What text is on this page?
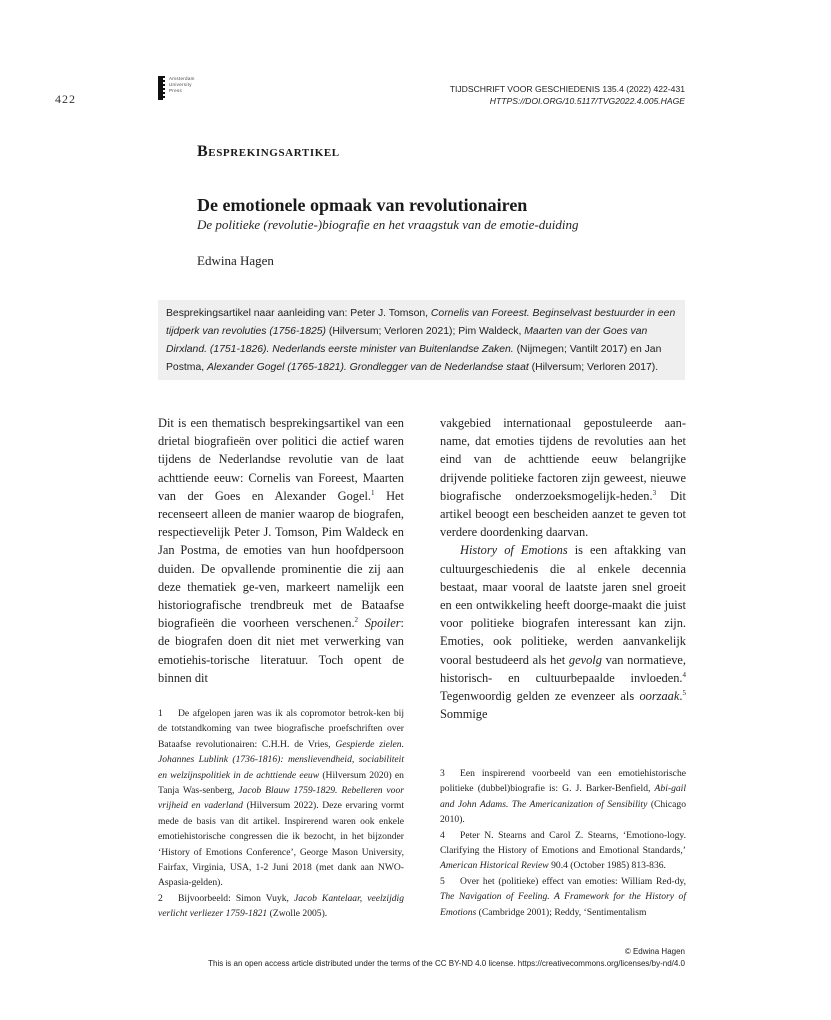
422
Amsterdam
University
Press	TIJDSCHRIFT VOOR GESCHIEDENIS 135.4 (2022) 422-431
HTTPS://DOI.ORG/10.5117/TVG2022.4.005.HAGE
Besprekingsartikel
De emotionele opmaak van revolutionairen
De politieke (revolutie-)biografie en het vraagstuk van de emotie-duiding
Edwina Hagen
Besprekingsartikel naar aanleiding van: Peter J. Tomson, Cornelis van Foreest. Beginselvast bestuurder in een tijdperk van revoluties (1756-1825) (Hilversum; Verloren 2021); Pim Waldeck, Maarten van der Goes van Dirxland. (1751-1826). Nederlands eerste minister van Buitenlandse Zaken. (Nijmegen; Vantilt 2017) en Jan Postma, Alexander Gogel (1765-1821). Grondlegger van de Nederlandse staat (Hilversum; Verloren 2017).

Dit is een thematisch besprekingsartikel van een drietal biografieën over politici die actief waren tijdens de Nederlandse revolutie van de laat achttiende eeuw: Cornelis van Foreest, Maarten van der Goes en Alexander Gogel.$^1$ Het recenseert alleen de manier waarop de biografen, respectievelijk Peter J. Tomson, Pim Waldeck en Jan Postma, de emoties van hun hoofdpersoon duiden. De opvallende prominentie die zij aan deze thematiek ge-ven, markeert namelijk een historiografische trendbreuk met de Bataafse biografieën die voorheen verschenen.$^2$ Spoiler: de biografen doen dit niet met verwerking van emotiehis-torische literatuur. Toch opent de binnen dit

vakgebied internationaal gepostuleerde aan-name, dat emoties tijdens de revoluties aan het eind van de achttiende eeuw belangrijke drijvende politieke factoren zijn geweest, nieuwe biografische onderzoeksmogelijk-heden.$^3$ Dit artikel beoogt een bescheiden aanzet te geven tot verdere doordenking daarvan.

History of Emotions is een aftakking van cultuurgeschiedenis die al enkele decennia bestaat, maar vooral de laatste jaren snel groeit en een ontwikkeling heeft doorge-maakt die juist voor politieke biografen interessant kan zijn. Emoties, ook politieke, werden aanvankelijk vooral bestudeerd als het gevolg van normatieve, historisch- en cultuurbepaalde invloeden.$^4$ Tegenwoordig gelden ze evenzeer als oorzaak.$^5$ Sommige

1 De afgelopen jaren was ik als copromotor betrok-ken bij de totstandkoming van twee biografische proefschriften over Bataafse revolutionairen: C.H.H. de Vries, Gespierde zielen. Johannes Lublink (1736-1816): menslievendheid, sociabiliteit en welzijnspolitiek in de achttiende eeuw (Hilversum 2020) en Tanja Was-senberg, Jacob Blauw 1759-1829. Rebelleren voor vrijheid en vaderland (Hilversum 2022). Deze ervaring vormt mede de basis van dit artikel. Inspirerend waren ook enkele emotiehistorische congressen die ik bezocht, in het bijzonder ‘History of Emotions Conference’, George Mason University, Fairfax, Virginia, USA, 1-2 Juni 2018 (met dank aan NWO-Aspasia-gelden).

2 Bijvoorbeeld: Simon Vuyk, Jacob Kantelaar, veelzijdig verlicht verliezer 1759-1821 (Zwolle 2005).

3 Een inspirerend voorbeeld van een emotiehistorische politieke (dubbel)biografie is: G. J. Barker-Benfield, Abi-gail and John Adams. The Americanization of Sensibility (Chicago 2010).

4 Peter N. Stearns and Carol Z. Stearns, ‘Emotiono-logy. Clarifying the History of Emotions and Emotional Standards,’ American Historical Review 90.4 (October 1985) 813-836.

5 Over het (politieke) effect van emoties: William Red-dy, The Navigation of Feeling. A Framework for the History of Emotions (Cambridge 2001); Reddy, ‘Sentimentalism

© Edwina Hagen
This is an open access article distributed under the terms of the CC BY-ND 4.0 license. https://creativecommons.org/licenses/by-nd/4.0
